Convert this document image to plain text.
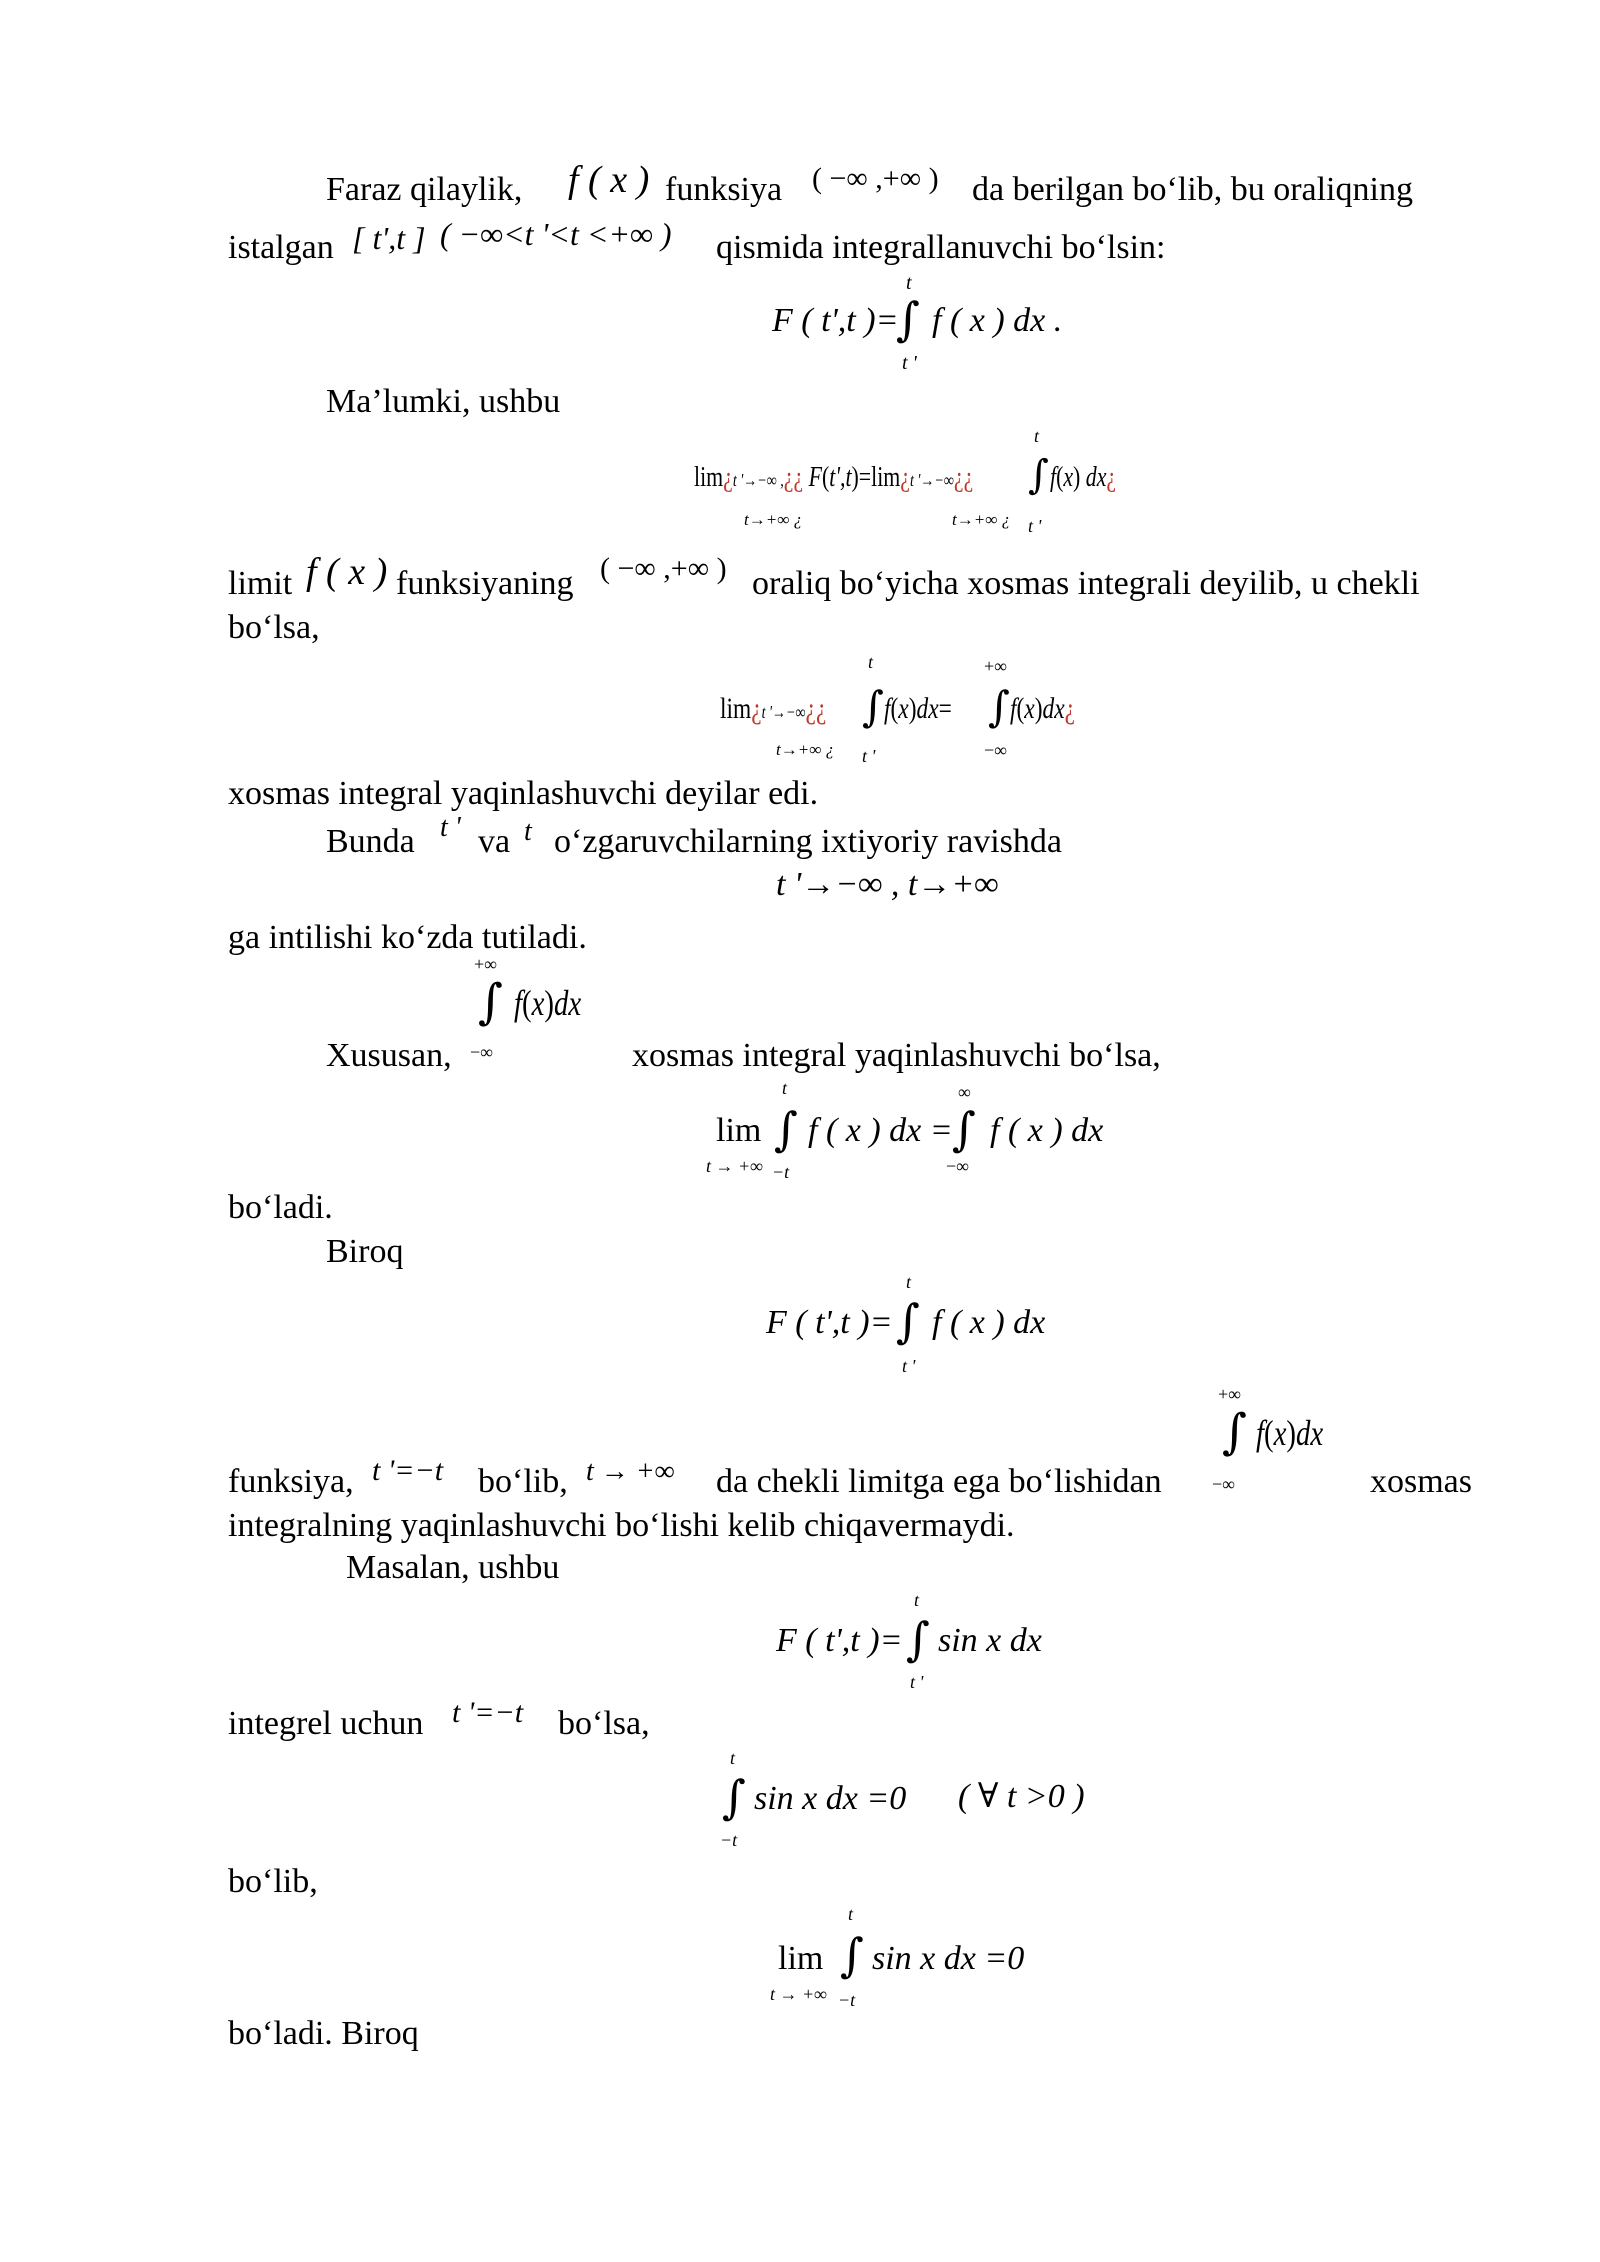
Faraz qilaylik, f ( x ) funksiya ( −∞ ,+∞ ) da berilgan bo‘lib, bu oraliqning
istalgan [ t',t ] ( −∞<t '<t <+∞ ) qismida integrallanuvchi bo‘lsin:
t
F ( t',t )=
∫ f ( x ) dx .
t '
Ma’lumki, ushbu
t
lim¿t '→−∞ ,¿¿ F(t',t)=lim¿t '→−∞¿¿ ∫ f(x) dx¿
t→+∞ ¿	t→+∞ ¿ t '
limit f ( x ) funksiyaning ( −∞ ,+∞ ) oraliq bo‘yicha xosmas integrali deyilib, u chekli
bo‘lsa,
t	+∞
lim¿t '→−∞¿¿ ∫ f(x)dx= ∫ f(x)dx¿
t→+∞ ¿ t '	−∞
xosmas integral yaqinlashuvchi deyilar edi.
Bunda t ' va t o‘zgaruvchilarning ixtiyoriy ravishda
t '→−∞ , t→+∞
ga intilishi ko‘zda tutiladi.
+∞
∫ f(x)dx
Xususan, −∞	xosmas integral yaqinlashuvchi bo‘lsa,
t	∞
lim ∫ f ( x ) dx = ∫ f ( x ) dx
t → +∞ −t	−∞
bo‘ladi.
Biroq
t
F ( t',t )= ∫ f ( x ) dx
t '
+∞
∫ f(x)dx
funksiya, t '=−t bo‘lib, t → +∞ da chekli limitga ega bo‘lishidan	−∞	xosmas
integralning yaqinlashuvchi bo‘lishi kelib chiqavermaydi.
Masalan, ushbu
t
F ( t',t )= ∫ sin x dx
t '
integrel uchun t '=−t bo‘lsa,
t
∫ sin x dx =0 ( ∀ t >0 )
−t
bo‘lib,
t
lim ∫ sin x dx =0
t → +∞ −t
bo‘ladi. Biroq
